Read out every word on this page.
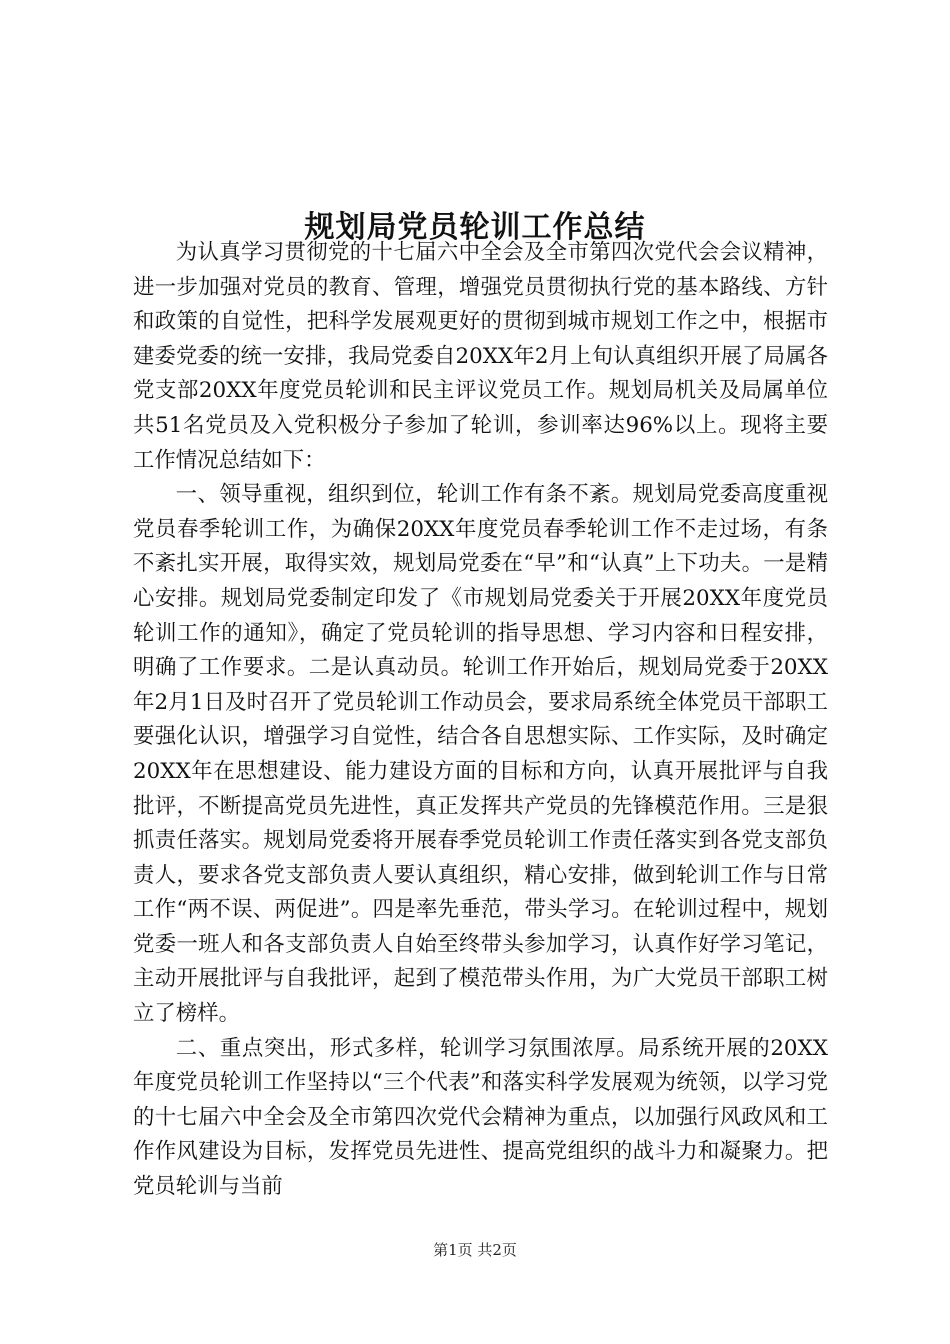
规划局党员轮训工作总结

为认真学习贯彻党的十七届六中全会及全市第四次党代会会议精神，进一步加强对党员的教育、管理，增强党员贯彻执行党的基本路线、方针和政策的自觉性，把科学发展观更好的贯彻到城市规划工作之中，根据市建委党委的统一安排，我局党委自20XX年2月上旬认真组织开展了局属各党支部20XX年度党员轮训和民主评议党员工作。规划局机关及局属单位共51名党员及入党积极分子参加了轮训，参训率达96%以上。现将主要工作情况总结如下：

一、领导重视，组织到位，轮训工作有条不紊。规划局党委高度重视党员春季轮训工作，为确保20XX年度党员春季轮训工作不走过场，有条不紊扎实开展，取得实效，规划局党委在“早”和“认真”上下功夫。一是精心安排。规划局党委制定印发了《市规划局党委关于开展20XX年度党员轮训工作的通知》，确定了党员轮训的指导思想、学习内容和日程安排，明确了工作要求。二是认真动员。轮训工作开始后，规划局党委于20XX年2月1日及时召开了党员轮训工作动员会，要求局系统全体党员干部职工要强化认识，增强学习自觉性，结合各自思想实际、工作实际，及时确定20XX年在思想建设、能力建设方面的目标和方向，认真开展批评与自我批评，不断提高党员先进性，真正发挥共产党员的先锋模范作用。三是狠抓责任落实。规划局党委将开展春季党员轮训工作责任落实到各党支部负责人，要求各党支部负责人要认真组织，精心安排，做到轮训工作与日常工作“两不误、两促进”。四是率先垂范，带头学习。在轮训过程中，规划党委一班人和各支部负责人自始至终带头参加学习，认真作好学习笔记，主动开展批评与自我批评，起到了模范带头作用，为广大党员干部职工树立了榜样。

二、重点突出，形式多样，轮训学习氛围浓厚。局系统开展的20XX年度党员轮训工作坚持以“三个代表”和落实科学发展观为统领，以学习党的十七届六中全会及全市第四次党代会精神为重点，以加强行风政风和工作作风建设为目标，发挥党员先进性、提高党组织的战斗力和凝聚力。把党员轮训与当前

第1页 共2页
